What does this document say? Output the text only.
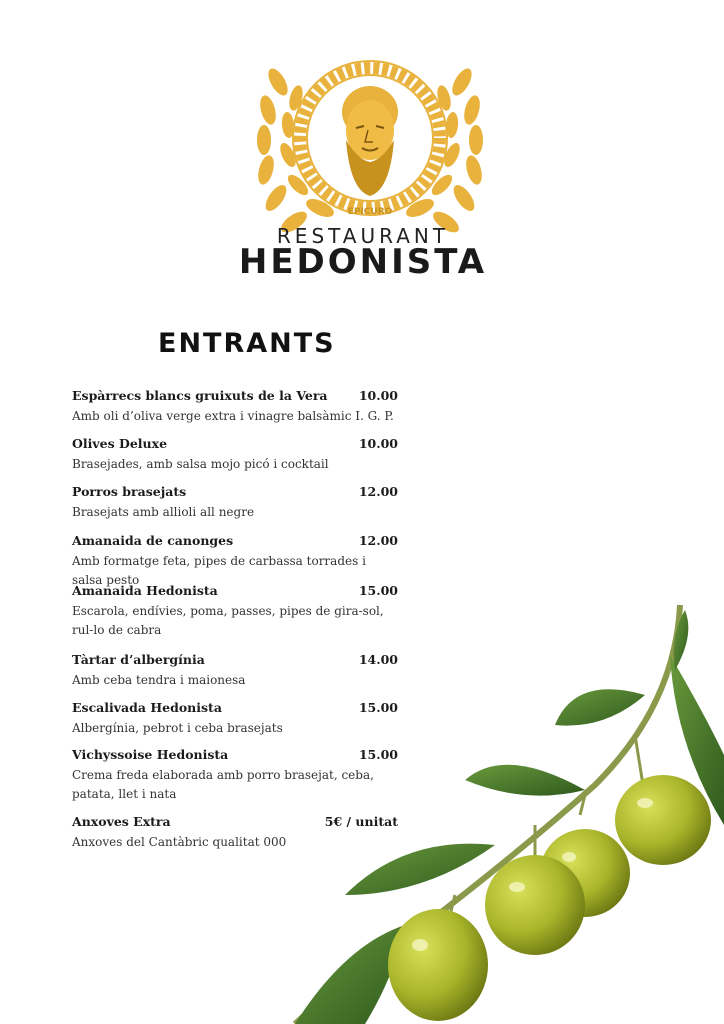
EPICURO
RESTAURANT
HEDONISTA
ENTRANTS
Espàrrecs blancs gruixuts de la Vera	10.00
Amb oli d’oliva verge extra i vinagre balsàmic I. G. P.
Olives Deluxe	10.00
Brasejades, amb salsa mojo picó i cocktail
Porros brasejats	12.00
Brasejats amb allioli all negre
Amanaida de canonges	12.00
Amb formatge feta, pipes de carbassa torrades i salsa pesto
Amanaida Hedonista	15.00
Escarola, endívies, poma, passes, pipes de gira-sol, rul-lo de cabra
Tàrtar d’albergínia	14.00
Amb ceba tendra i maionesa
Escalivada Hedonista	15.00
Albergínia, pebrot i ceba brasejats
Vichyssoise Hedonista	15.00
Crema freda elaborada amb porro brasejat, ceba, patata, llet i nata
Anxoves Extra	5€ / unitat
Anxoves del Cantàbric qualitat 000
